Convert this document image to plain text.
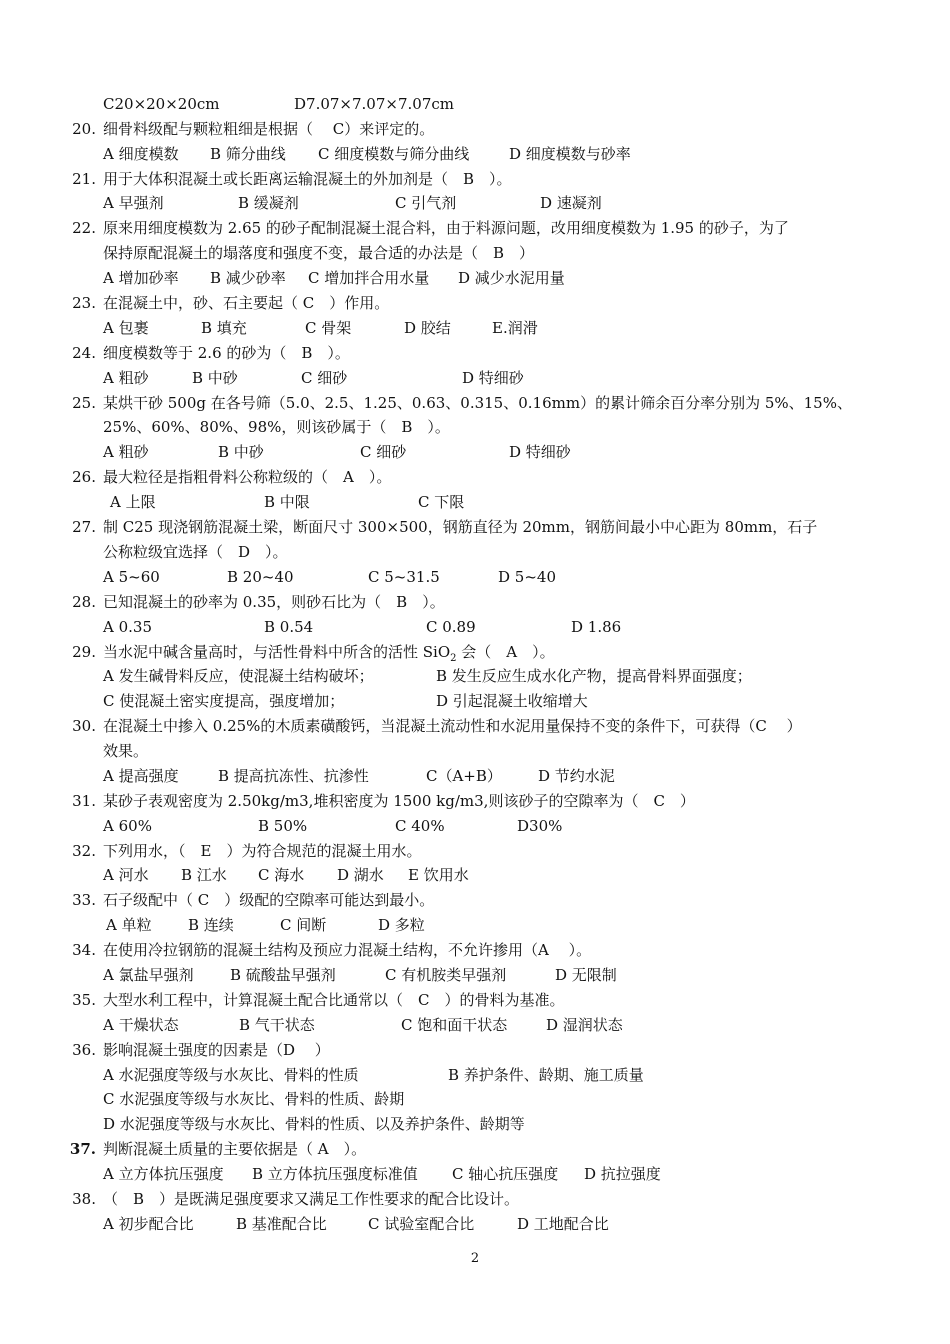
C20×20×20cm	D7.07×7.07×7.07cm
20. 细骨料级配与颗粒粗细是根据（　 C）来评定的。
A 细度模数 B 筛分曲线 C 细度模数与筛分曲线	D 细度模数与砂率
21. 用于大体积混凝土或长距离运输混凝土的外加剂是（　B　）。
A 早强剂	B 缓凝剂	C 引气剂	D 速凝剂
22. 原来用细度模数为 2.65 的砂子配制混凝土混合料，由于料源问题，改用细度模数为 1.95 的砂子，为了
保持原配混凝土的塌落度和强度不变，最合适的办法是（　B　）
A 增加砂率 B 减少砂率 C 增加拌合用水量 D 减少水泥用量
23. 在混凝土中，砂、石主要起（ C　）作用。
A 包裹	B 填充	C 骨架	D 胶结	E.润滑
24. 细度模数等于 2.6 的砂为（　B　）。
A 粗砂	B 中砂	C 细砂	D 特细砂
25. 某烘干砂 500g 在各号筛（5.0、2.5、1.25、0.63、0.315、0.16mm）的累计筛余百分率分别为 5%、15%、
25%、60%、80%、98%，则该砂属于（　B　）。
A 粗砂	B 中砂	C 细砂	D 特细砂
26. 最大粒径是指粗骨料公称粒级的（　A　）。
A 上限	B 中限	C 下限
27. 制 C25 现浇钢筋混凝土梁，断面尺寸 300×500，钢筋直径为 20mm，钢筋间最小中心距为 80mm，石子
公称粒级宜选择（　D　）。
A 5~60	B 20~40	C 5~31.5	D 5~40
28. 已知混凝土的砂率为 0.35，则砂石比为（　B　）。
A 0.35	B 0.54	C 0.89	D 1.86
29. 当水泥中碱含量高时，与活性骨料中所含的活性 SiO$_2$ 会（　A　）。
A 发生碱骨料反应，使混凝土结构破坏；	B 发生反应生成水化产物，提高骨料界面强度；
C 使混凝土密实度提高，强度增加；	D 引起混凝土收缩增大
30. 在混凝土中掺入 0.25%的木质素磺酸钙，当混凝土流动性和水泥用量保持不变的条件下，可获得（C　 ）
效果。
A 提高强度	B 提高抗冻性、抗渗性	C（A+B） D 节约水泥
31. 某砂子表观密度为 2.50kg/m3,堆积密度为 1500 kg/m3,则该砂子的空隙率为（　C　）
A 60%	B 50%	C 40%	D30%
32. 下列用水，（　E　）为符合规范的混凝土用水。
A 河水 B 江水 C 海水 D 湖水 E 饮用水
33. 石子级配中（ C　）级配的空隙率可能达到最小。
A 单粒 B 连续	C 间断	D 多粒
34. 在使用冷拉钢筋的混凝土结构及预应力混凝土结构，不允许掺用（A　 ）。
A 氯盐早强剂 B 硫酸盐早强剂	C 有机胺类早强剂	D 无限制
35. 大型水利工程中，计算混凝土配合比通常以（　C　）的骨料为基准。
A 干燥状态	B 气干状态	C 饱和面干状态	D 湿润状态
36. 影响混凝土强度的因素是（D　 ）
A 水泥强度等级与水灰比、骨料的性质	B 养护条件、龄期、施工质量
C 水泥强度等级与水灰比、骨料的性质、龄期
D 水泥强度等级与水灰比、骨料的性质、以及养护条件、龄期等
37. 判断混凝土质量的主要依据是（ A　）。
A 立方体抗压强度 B 立方体抗压强度标准值 C 轴心抗压强度 D 抗拉强度
38. （　B　）是既满足强度要求又满足工作性要求的配合比设计。
A 初步配合比	B 基准配合比	C 试验室配合比	D 工地配合比
2
